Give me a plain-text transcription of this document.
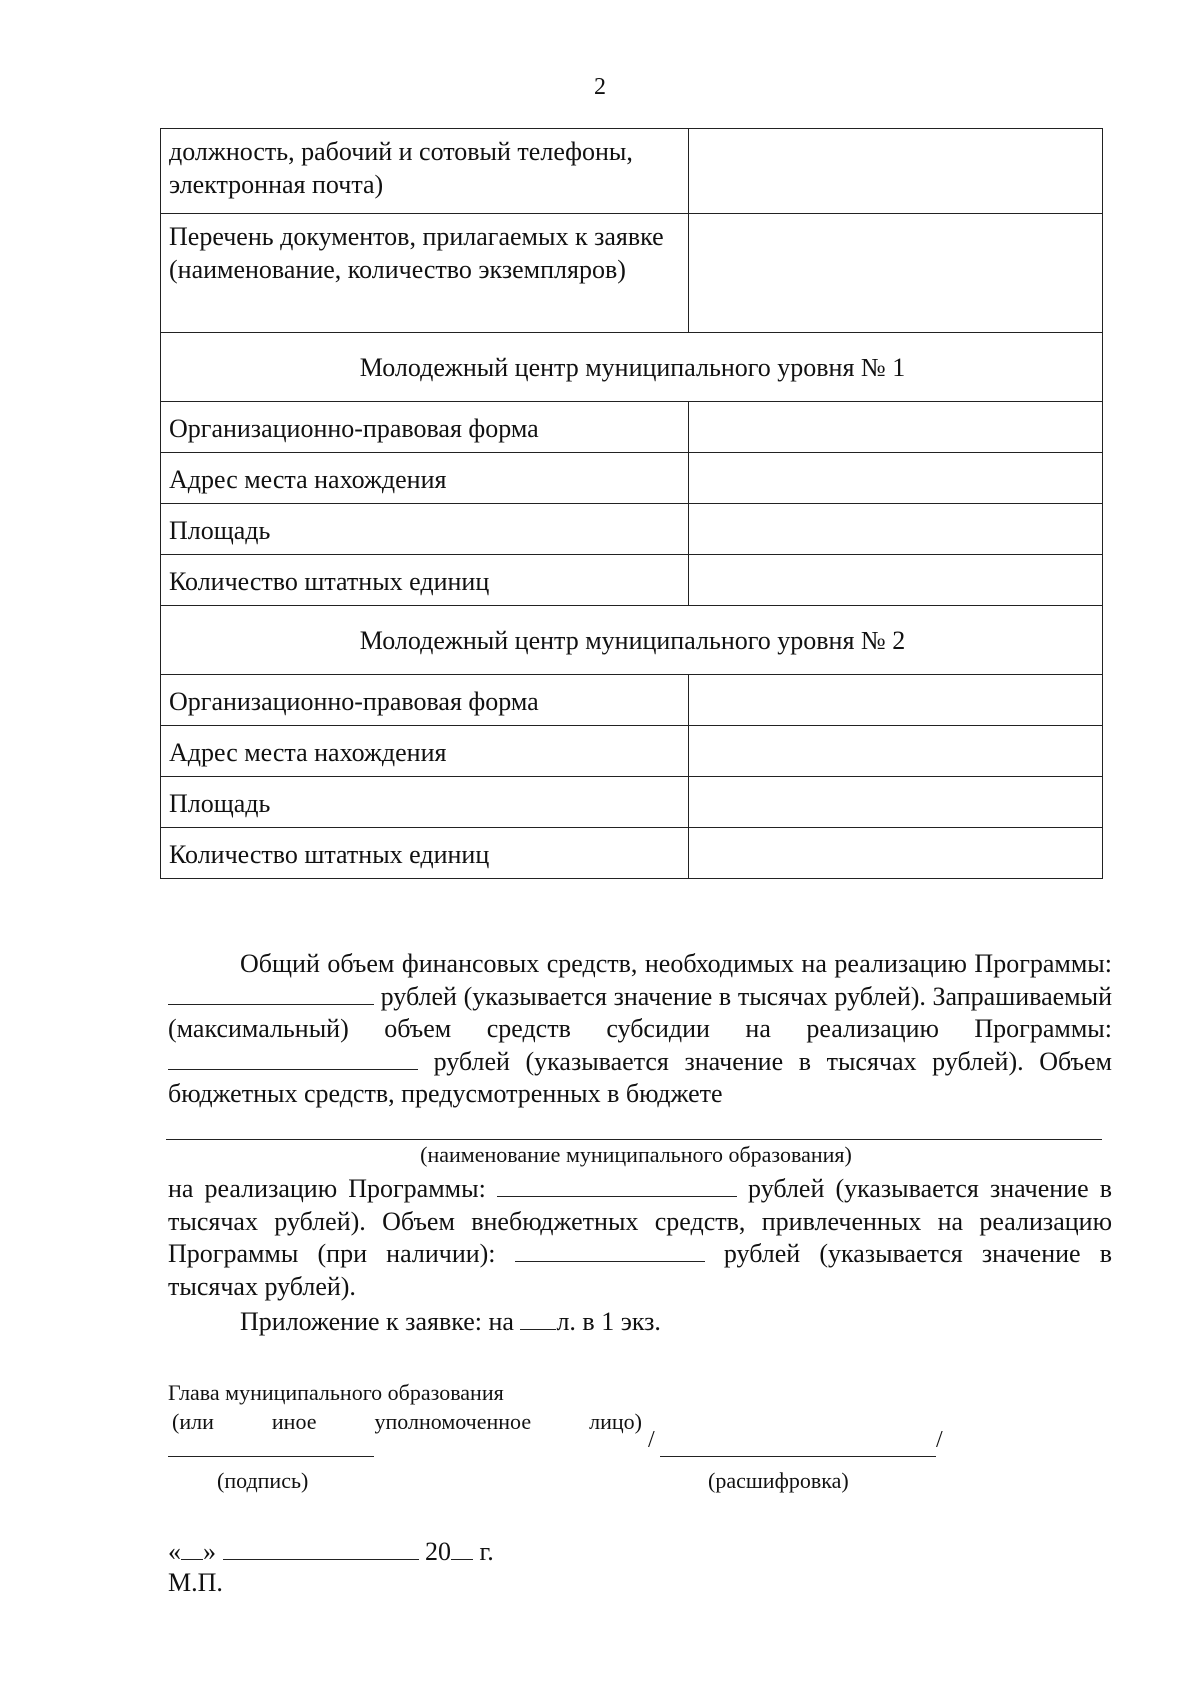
2
должность, рабочий и сотовый телефоны, электронная почта)	
Перечень документов, прилагаемых к заявке (наименование, количество экземпляров)	
Молодежный центр муниципального уровня № 1	
Организационно-правовая форма	
Адрес места нахождения	
Площадь	
Количество штатных единиц	
Молодежный центр муниципального уровня № 2	
Организационно-правовая форма	
Адрес места нахождения	
Площадь	
Количество штатных единиц	
Общий объем финансовых средств, необходимых на реализацию Программы:  рублей (указывается значение в тысячах рублей). Запрашиваемый (максимальный) объем средств субсидии на реализацию Программы:  рублей (указывается значение в тысячах рублей). Объем бюджетных средств, предусмотренных в бюджете
(наименование муниципального образования)
на реализацию Программы:	рублей (указывается значение в тысячах рублей). Объем внебюджетных средств, привлеченных на реализацию Программы (при наличии):	рублей (указывается значение в тысячах рублей).
Приложение к заявке: на л. в 1 экз.
Глава муниципального образования
(или	иное	уполномоченное	лицо)
/	/
(подпись)	(расшифровка)
« »	20 г.
М.П.
